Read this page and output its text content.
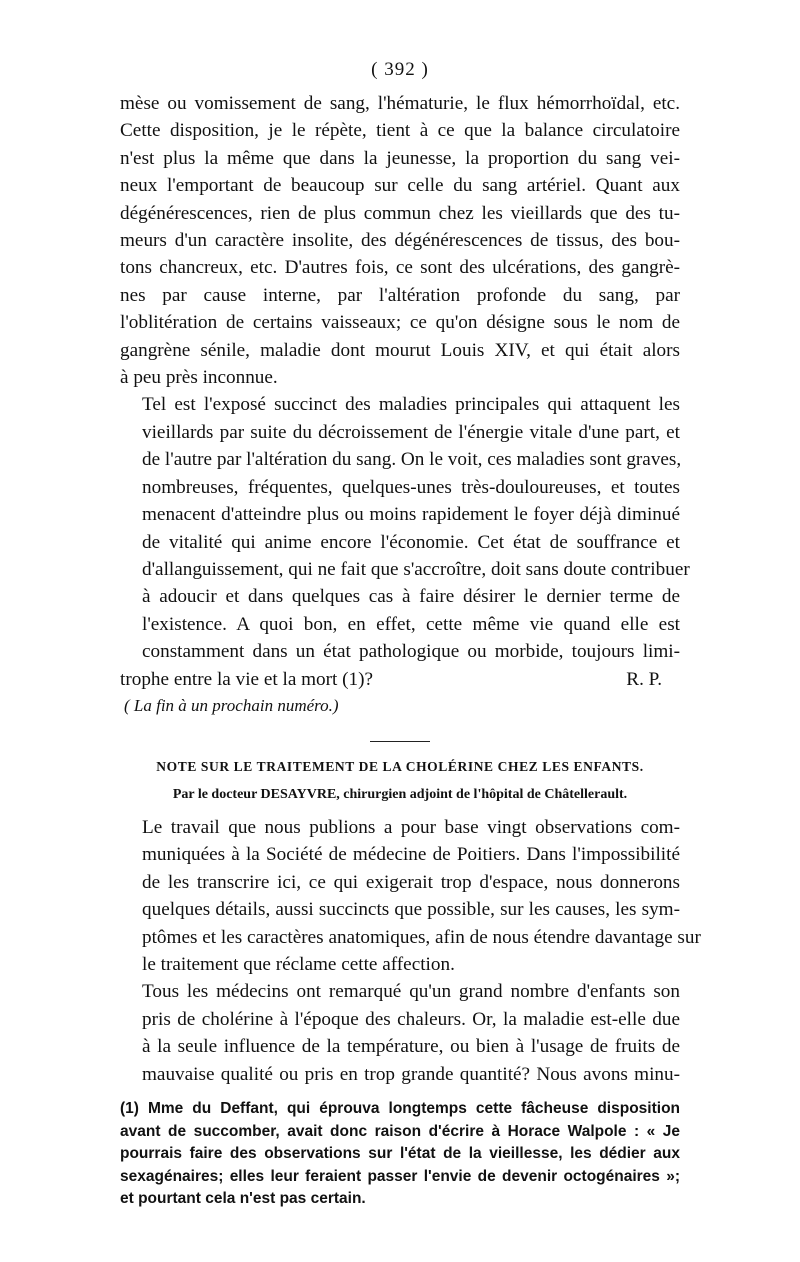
( 392 )
mèse ou vomissement de sang, l'hématurie, le flux hémorrhoïdal, etc.
Cette disposition, je le répète, tient à ce que la balance circulatoire
n'est plus la même que dans la jeunesse, la proportion du sang vei-
neux l'emportant de beaucoup sur celle du sang artériel. Quant aux
dégénérescences, rien de plus commun chez les vieillards que des tu-
meurs d'un caractère insolite, des dégénérescences de tissus, des bou-
tons chancreux, etc. D'autres fois, ce sont des ulcérations, des gangrè-
nes par cause interne, par l'altération profonde du sang, par
l'oblitération de certains vaisseaux; ce qu'on désigne sous le nom de
gangrène sénile, maladie dont mourut Louis XIV, et qui était alors
à peu près inconnue.
Tel est l'exposé succinct des maladies principales qui attaquent les
vieillards par suite du décroissement de l'énergie vitale d'une part, et
de l'autre par l'altération du sang. On le voit, ces maladies sont graves,
nombreuses, fréquentes, quelques-unes très-douloureuses, et toutes
menacent d'atteindre plus ou moins rapidement le foyer déjà diminué
de vitalité qui anime encore l'économie. Cet état de souffrance et
d'allanguissement, qui ne fait que s'accroître, doit sans doute contribuer
à adoucir et dans quelques cas à faire désirer le dernier terme de
l'existence. A quoi bon, en effet, cette même vie quand elle est
constamment dans un état pathologique ou morbide, toujours limi-
trophe entre la vie et la mort (1)?	R. P.
( La fin à un prochain numéro.)
NOTE SUR LE TRAITEMENT DE LA CHOLÉRINE CHEZ LES ENFANTS.
Par le docteur DESAYVRE, chirurgien adjoint de l'hôpital de Châtellerault.
Le travail que nous publions a pour base vingt observations com-
muniquées à la Société de médecine de Poitiers. Dans l'impossibilité
de les transcrire ici, ce qui exigerait trop d'espace, nous donnerons
quelques détails, aussi succincts que possible, sur les causes, les sym-
ptômes et les caractères anatomiques, afin de nous étendre davantage sur
le traitement que réclame cette affection.
Tous les médecins ont remarqué qu'un grand nombre d'enfants son
pris de cholérine à l'époque des chaleurs. Or, la maladie est-elle due
à la seule influence de la température, ou bien à l'usage de fruits de
mauvaise qualité ou pris en trop grande quantité? Nous avons minu-
(1) Mme du Deffant, qui éprouva longtemps cette fâcheuse disposition
avant de succomber, avait donc raison d'écrire à Horace Walpole : « Je
pourrais faire des observations sur l'état de la vieillesse, les dédier aux
sexagénaires; elles leur feraient passer l'envie de devenir octogénaires »;
et pourtant cela n'est pas certain.
